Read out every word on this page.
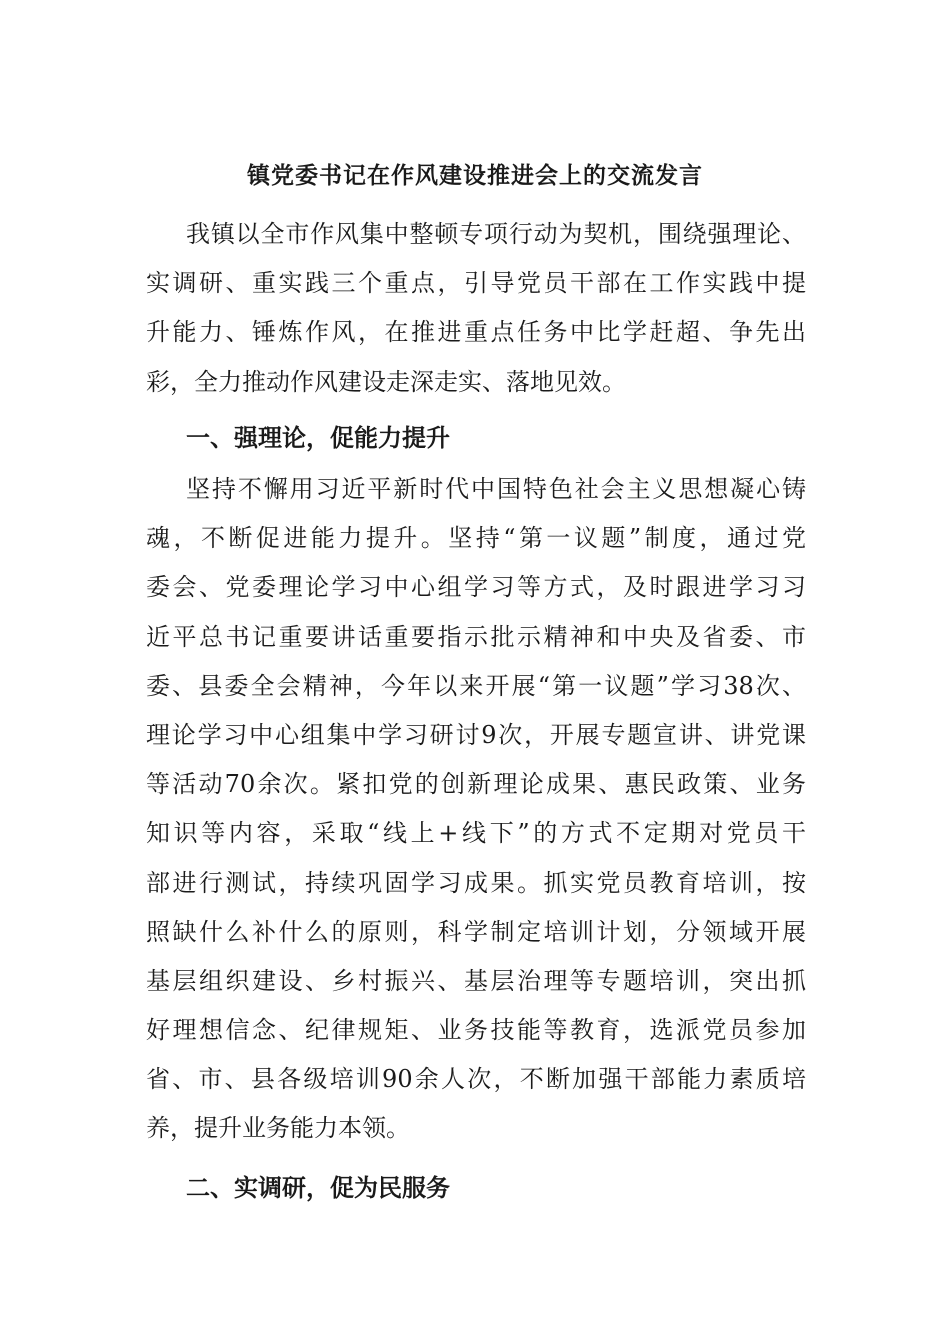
镇党委书记在作风建设推进会上的交流发言
我镇以全市作风集中整顿专项行动为契机，围绕强理论、
实调研、重实践三个重点，引导党员干部在工作实践中提
升能力、锤炼作风，在推进重点任务中比学赶超、争先出
彩，全力推动作风建设走深走实、落地见效。
一、强理论，促能力提升
坚持不懈用习近平新时代中国特色社会主义思想凝心铸
魂，不断促进能力提升。坚持“第一议题”制度，通过党
委会、党委理论学习中心组学习等方式，及时跟进学习习
近平总书记重要讲话重要指示批示精神和中央及省委、市
委、县委全会精神，今年以来开展“第一议题”学习38次、
理论学习中心组集中学习研讨9次，开展专题宣讲、讲党课
等活动70余次。紧扣党的创新理论成果、惠民政策、业务
知识等内容，采取“线上+线下”的方式不定期对党员干
部进行测试，持续巩固学习成果。抓实党员教育培训，按
照缺什么补什么的原则，科学制定培训计划，分领域开展
基层组织建设、乡村振兴、基层治理等专题培训，突出抓
好理想信念、纪律规矩、业务技能等教育，选派党员参加
省、市、县各级培训90余人次，不断加强干部能力素质培
养，提升业务能力本领。
二、实调研，促为民服务
